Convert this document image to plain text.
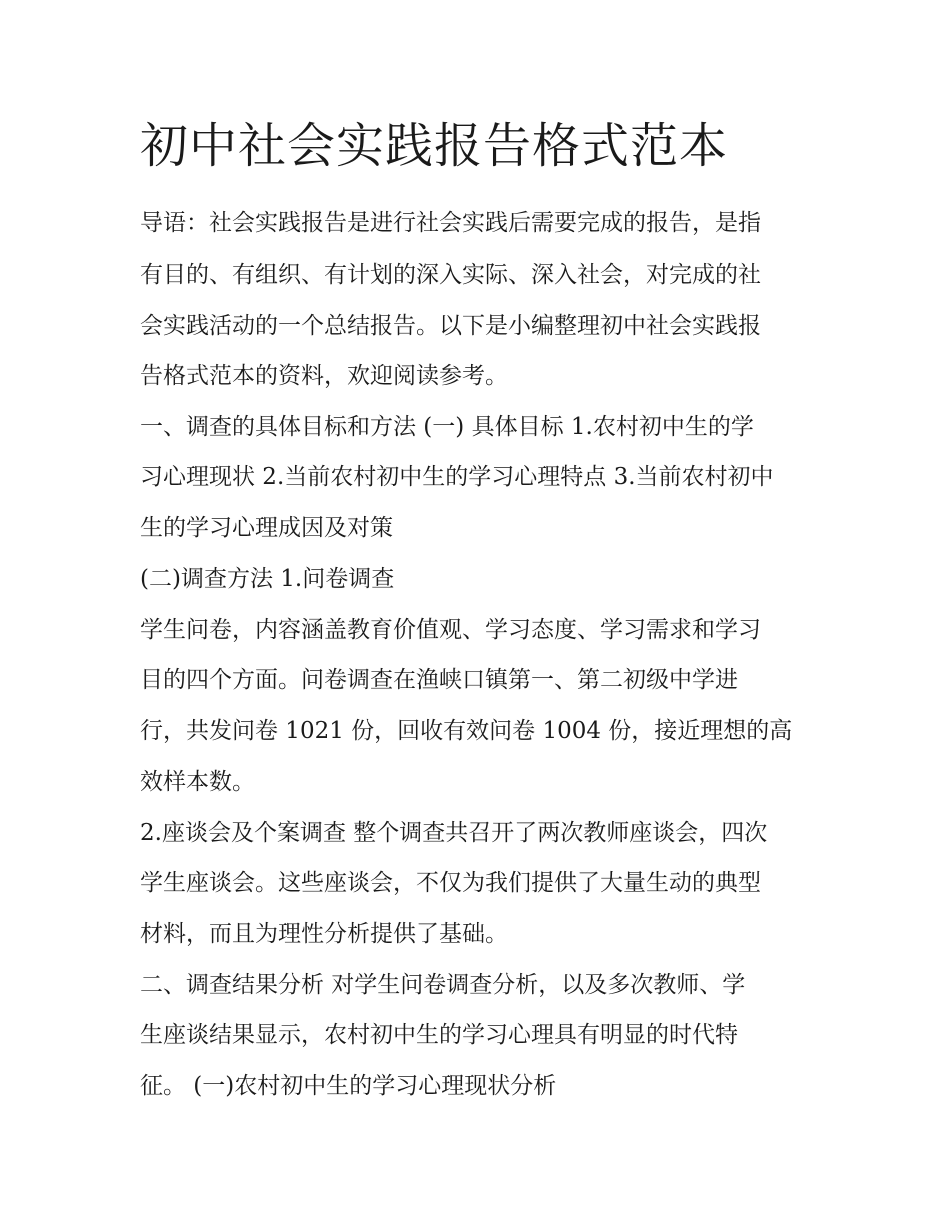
初中社会实践报告格式范本

导语：社会实践报告是进行社会实践后需要完成的报告，是指

有目的、有组织、有计划的深入实际、深入社会，对完成的社

会实践活动的一个总结报告。以下是小编整理初中社会实践报

告格式范本的资料，欢迎阅读参考。

一、调查的具体目标和方法 (一) 具体目标 1.农村初中生的学

习心理现状 2.当前农村初中生的学习心理特点 3.当前农村初中

生的学习心理成因及对策

(二)调查方法 1.问卷调查

学生问卷，内容涵盖教育价值观、学习态度、学习需求和学习

目的四个方面。问卷调查在渔峡口镇第一、第二初级中学进

行，共发问卷 1021 份，回收有效问卷 1004 份，接近理想的高

效样本数。

2.座谈会及个案调查 整个调查共召开了两次教师座谈会，四次

学生座谈会。这些座谈会，不仅为我们提供了大量生动的典型

材料，而且为理性分析提供了基础。

二、调查结果分析 对学生问卷调查分析，以及多次教师、学

生座谈结果显示，农村初中生的学习心理具有明显的时代特

征。 (一)农村初中生的学习心理现状分析
